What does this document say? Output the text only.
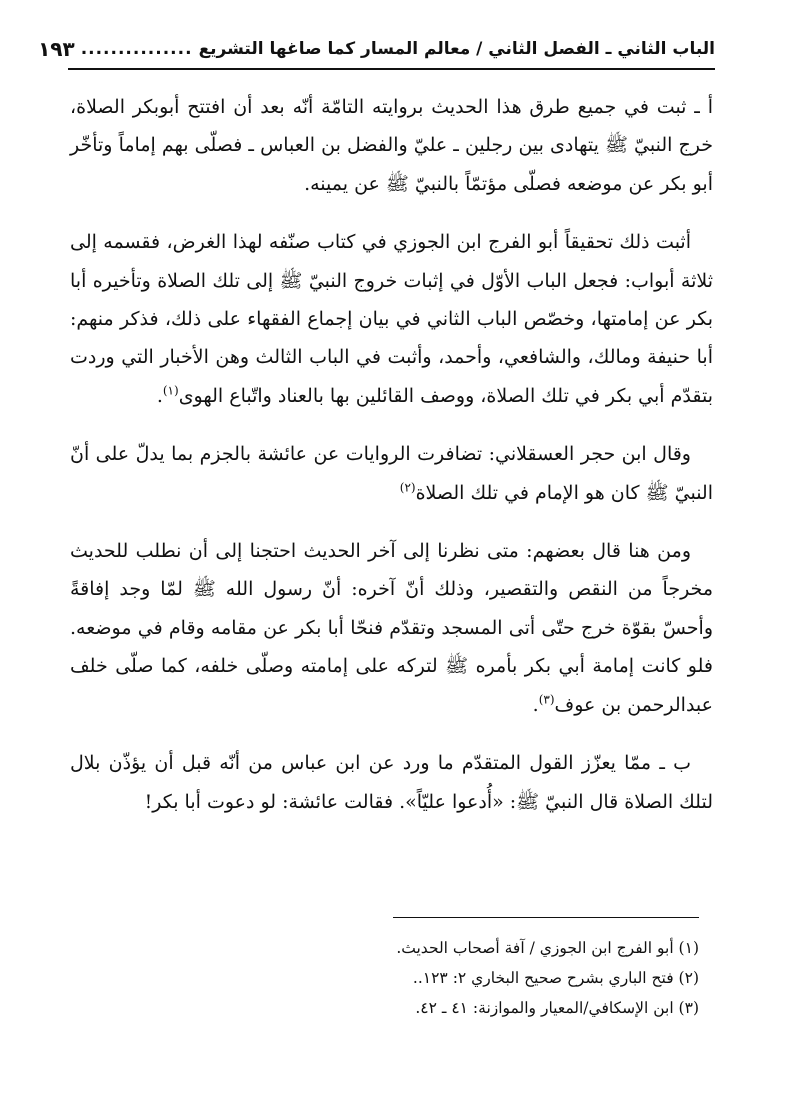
الباب الثاني ـ الفصل الثاني / معالم المسار كما صاغها التشريع
...............
١٩٣

أ ـ ثبت في جميع طرق هذا الحديث بروايته التامّة أنّه بعد أن افتتح أبوبكر الصلاة، خرج النبيّ ﷺ يتهادى بين رجلين ـ عليّ والفضل بن العباس ـ فصلّى بهم إماماً وتأخّر أبو بكر عن موضعه فصلّى مؤتمّاً بالنبيّ ﷺ عن يمينه.

أثبت ذلك تحقيقاً أبو الفرج ابن الجوزي في كتاب صنّفه لهذا الغرض، فقسمه إلى ثلاثة أبواب: فجعل الباب الأوّل في إثبات خروج النبيّ ﷺ إلى تلك الصلاة وتأخيره أبا بكر عن إمامتها، وخصّص الباب الثاني في بيان إجماع الفقهاء على ذلك، فذكر منهم: أبا حنيفة ومالك، والشافعي، وأحمد، وأثبت في الباب الثالث وهن الأخبار التي وردت بتقدّم أبي بكر في تلك الصلاة، ووصف القائلين بها بالعناد واتّباع الهوى$^{(١)}$.

وقال ابن حجر العسقلاني: تضافرت الروايات عن عائشة بالجزم بما يدلّ على أنّ النبيّ ﷺ كان هو الإمام في تلك الصلاة$^{(٢)}$

ومن هنا قال بعضهم: متى نظرنا إلى آخر الحديث احتجنا إلى أن نطلب للحديث مخرجاً من النقص والتقصير، وذلك أنّ آخره: أنّ رسول الله ﷺ لمّا وجد إفاقةً وأحسّ بقوّة خرج حتّى أتى المسجد وتقدّم فنحّا أبا بكر عن مقامه وقام في موضعه. فلو كانت إمامة أبي بكر بأمره ﷺ لتركه على إمامته وصلّى خلفه، كما صلّى خلف عبدالرحمن بن عوف$^{(٣)}$.

ب ـ ممّا يعزّز القول المتقدّم ما ورد عن ابن عباس من أنّه قبل أن يؤذّن بلال لتلك الصلاة قال النبيّ ﷺ: «أُدعوا عليّاً». فقالت عائشة: لو دعوت أبا بكر!

(١) أبو الفرج ابن الجوزي / آفة أصحاب الحديث.

(٢) فتح الباري بشرح صحيح البخاري ٢: ١٢٣..

(٣) ابن الإسكافي/المعيار والموازنة: ٤١ ـ ٤٢.
